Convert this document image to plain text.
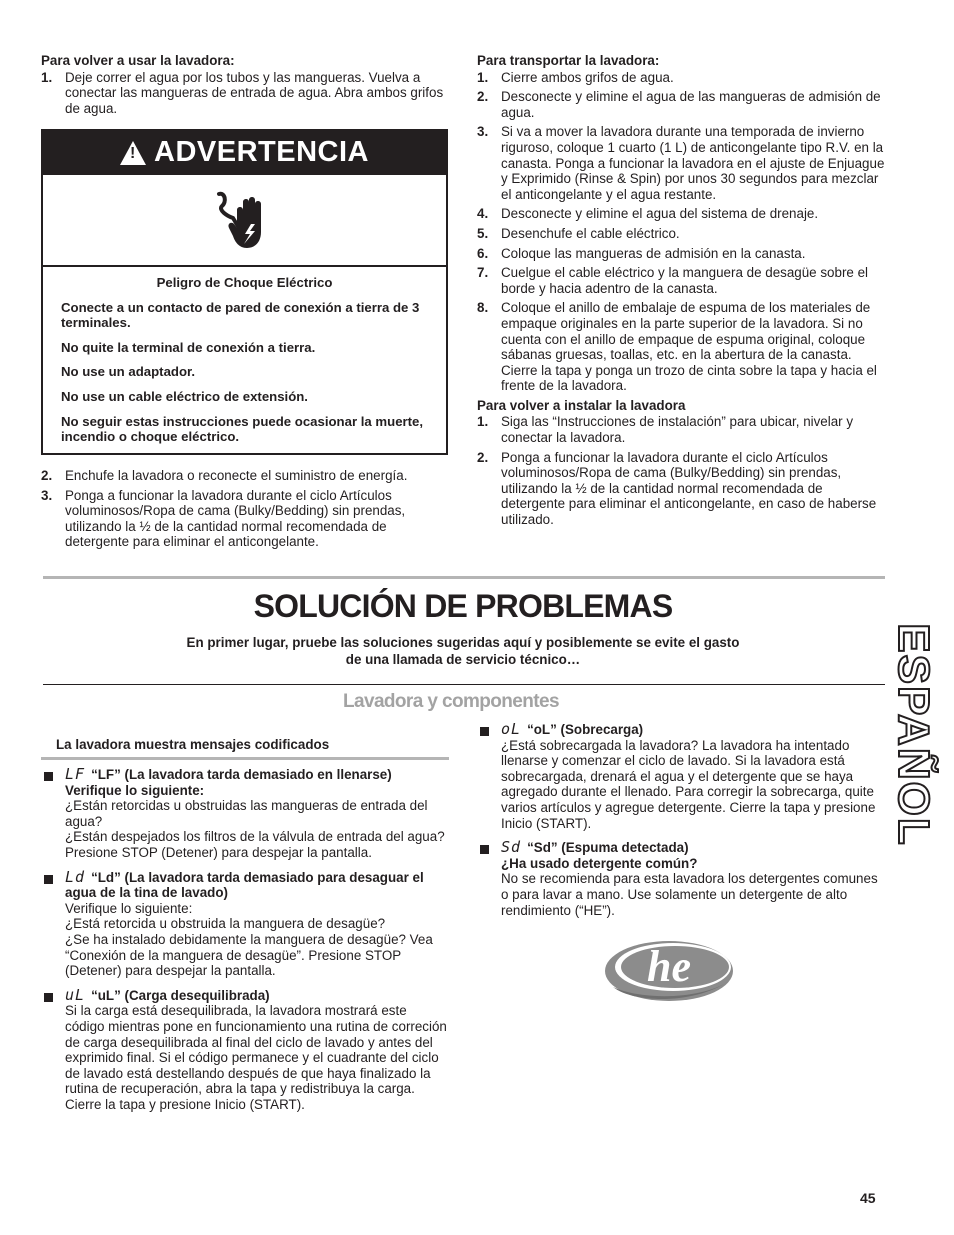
Para volver a usar la lavadora:
1. Deje correr el agua por los tubos y las mangueras. Vuelva a conectar las mangueras de entrada de agua. Abra ambos grifos de agua.
! ADVERTENCIA
Peligro de Choque Eléctrico

Conecte a un contacto de pared de conexión a tierra de 3 terminales.

No quite la terminal de conexión a tierra.

No use un adaptador.

No use un cable eléctrico de extensión.

No seguir estas instrucciones puede ocasionar la muerte, incendio o choque eléctrico.

2. Enchufe la lavadora o reconecte el suministro de energía.
3. Ponga a funcionar la lavadora durante el ciclo Artículos voluminosos/Ropa de cama (Bulky/Bedding) sin prendas, utilizando la ½ de la cantidad normal recomendada de detergente para eliminar el anticongelante.
Para transportar la lavadora:
1. Cierre ambos grifos de agua.
2. Desconecte y elimine el agua de las mangueras de admisión de agua.
3. Si va a mover la lavadora durante una temporada de invierno riguroso, coloque 1 cuarto (1 L) de anticongelante tipo R.V. en la canasta. Ponga a funcionar la lavadora en el ajuste de Enjuague y Exprimido (Rinse & Spin) por unos 30 segundos para mezclar el anticongelante y el agua restante.
4. Desconecte y elimine el agua del sistema de drenaje.
5. Desenchufe el cable eléctrico.
6. Coloque las mangueras de admisión en la canasta.
7. Cuelgue el cable eléctrico y la manguera de desagüe sobre el borde y hacia adentro de la canasta.
8. Coloque el anillo de embalaje de espuma de los materiales de empaque originales en la parte superior de la lavadora. Si no cuenta con el anillo de empaque de espuma original, coloque sábanas gruesas, toallas, etc. en la abertura de la canasta. Cierre la tapa y ponga un trozo de cinta sobre la tapa y hacia el frente de la lavadora.
Para volver a instalar la lavadora
1. Siga las “Instrucciones de instalación” para ubicar, nivelar y conectar la lavadora.
2. Ponga a funcionar la lavadora durante el ciclo Artículos voluminosos/Ropa de cama (Bulky/Bedding) sin prendas, utilizando la ½ de la cantidad normal recomendada de detergente para eliminar el anticongelante, en caso de haberse utilizado.
SOLUCIÓN DE PROBLEMAS
En primer lugar, pruebe las soluciones sugeridas aquí y posiblemente se evite el gasto
de una llamada de servicio técnico…
Lavadora y componentes
La lavadora muestra mensajes codificados
LF “LF” (La lavadora tarda demasiado en llenarse)
Verifique lo siguiente:
¿Están retorcidas u obstruidas las mangueras de entrada del agua?
¿Están despejados los filtros de la válvula de entrada del agua?
Presione STOP (Detener) para despejar la pantalla.
Ld “Ld” (La lavadora tarda demasiado para desaguar el agua de la tina de lavado)
Verifique lo siguiente:
¿Está retorcida u obstruida la manguera de desagüe?
¿Se ha instalado debidamente la manguera de desagüe? Vea “Conexión de la manguera de desagüe”. Presione STOP (Detener) para despejar la pantalla.
uL “uL” (Carga desequilibrada)
Si la carga está desequilibrada, la lavadora mostrará este código mientras pone en funcionamiento una rutina de correción de carga desequilibrada al final del ciclo de lavado y antes del exprimido final. Si el código permanece y el cuadrante del ciclo de lavado está destellando después de que haya finalizado la rutina de recuperación, abra la tapa y redistribuya la carga. Cierre la tapa y presione Inicio (START).
oL “oL” (Sobrecarga)
¿Está sobrecargada la lavadora? La lavadora ha intentado llenarse y comenzar el ciclo de lavado. Si la lavadora está sobrecargada, drenará el agua y el detergente que se haya agregado durante el llenado. Para corregir la sobrecarga, quite varios artículos y agregue detergente. Cierre la tapa y presione Inicio (START).
Sd “Sd” (Espuma detectada)
¿Ha usado detergente común?
No se recomienda para esta lavadora los detergentes comunes o para lavar a mano. Use solamente un detergente de alto rendimiento (“HE”).
he
ESPAÑOL
45
